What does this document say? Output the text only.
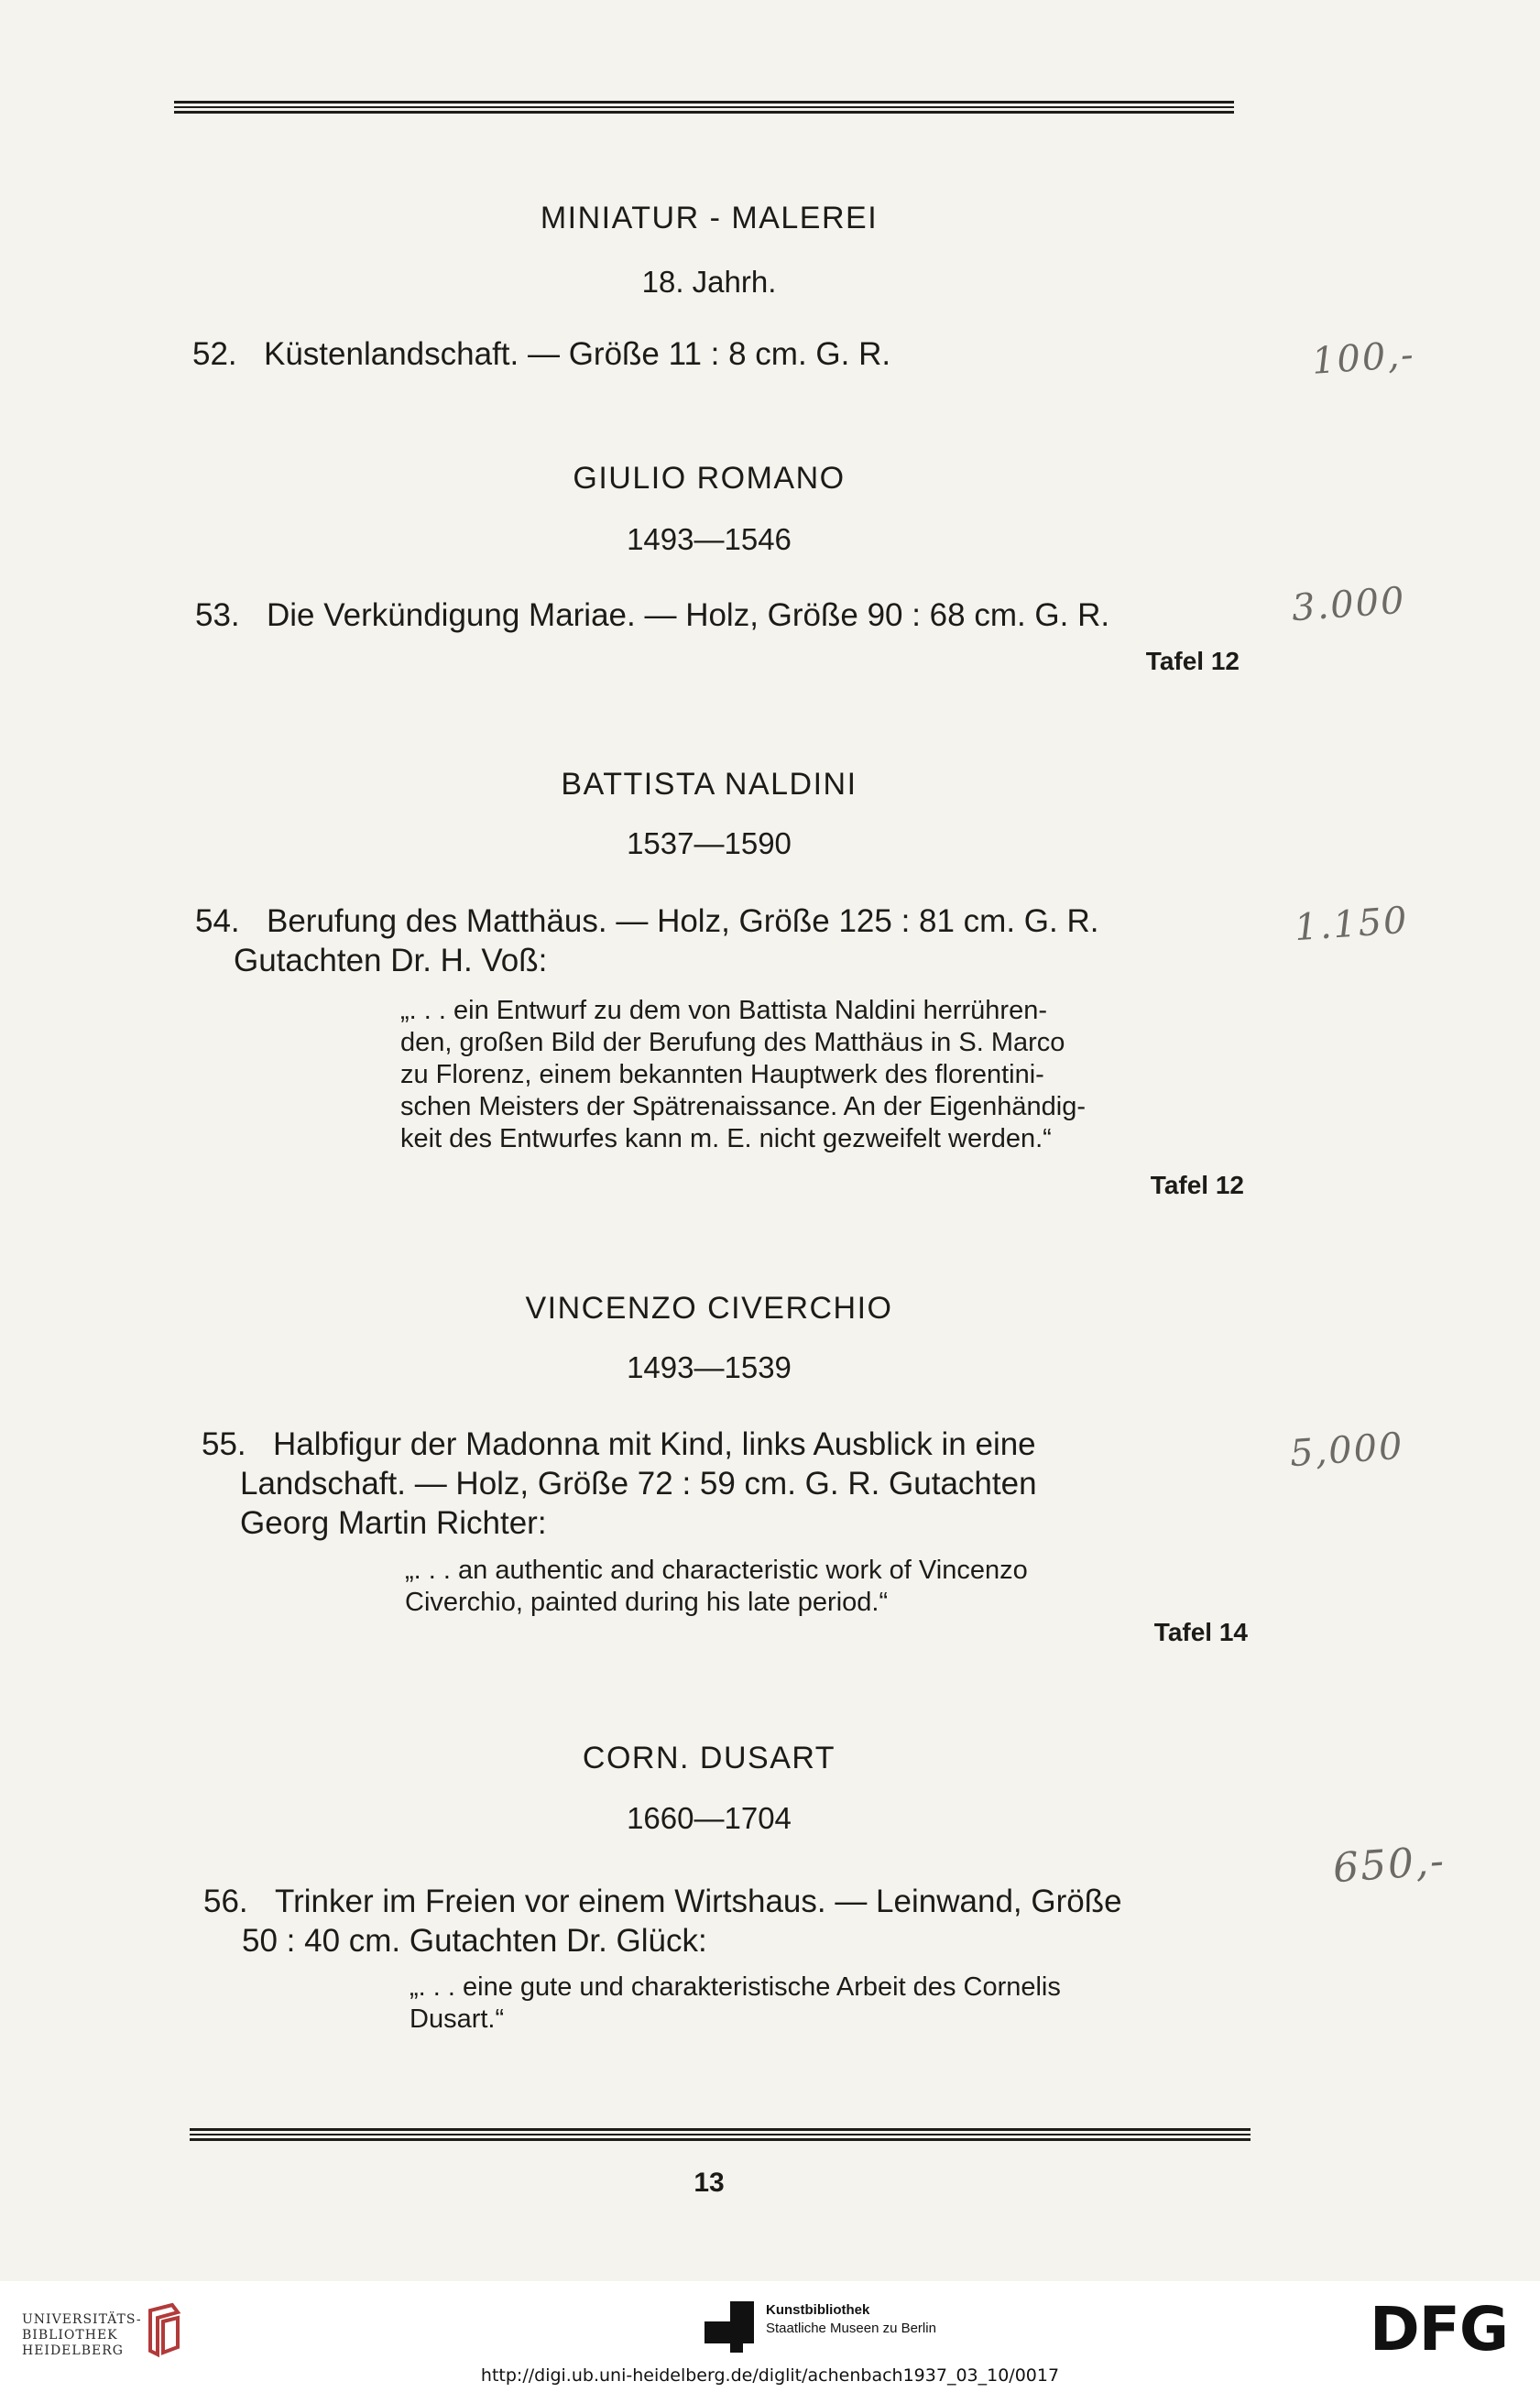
MINIATUR - MALEREI
18. Jahrh.
52. Küstenlandschaft. — Größe 11 : 8 cm. G. R.	100,-
GIULIO ROMANO
1493—1546
53. Die Verkündigung Mariae. — Holz, Größe 90 : 68 cm. G. R.
Tafel 12
3.000
BATTISTA NALDINI
1537—1590
54. Berufung des Matthäus. — Holz, Größe 125 : 81 cm. G. R.
Gutachten Dr. H. Voß:
„. . . ein Entwurf zu dem von Battista Naldini herrühren-
den, großen Bild der Berufung des Matthäus in S. Marco
zu Florenz, einem bekannten Hauptwerk des florentini-
schen Meisters der Spätrenaissance. An der Eigenhändig-
keit des Entwurfes kann m. E. nicht gezweifelt werden.“
Tafel 12
1.150
VINCENZO CIVERCHIO
1493—1539
55. Halbfigur der Madonna mit Kind, links Ausblick in eine
Landschaft. — Holz, Größe 72 : 59 cm. G. R. Gutachten
Georg Martin Richter:
„. . . an authentic and characteristic work of Vincenzo
Civerchio, painted during his late period.“
Tafel 14
5,000
CORN. DUSART
1660—1704
56. Trinker im Freien vor einem Wirtshaus. — Leinwand, Größe
50 : 40 cm. Gutachten Dr. Glück:
„. . . eine gute und charakteristische Arbeit des Cornelis
Dusart.“
650,-
13
UNIVERSITÄTS-
BIBLIOTHEK
HEIDELBERG
Kunstbibliothek
Staatliche Museen zu Berlin	DFG
http://digi.ub.uni-heidelberg.de/diglit/achenbach1937_03_10/0017
